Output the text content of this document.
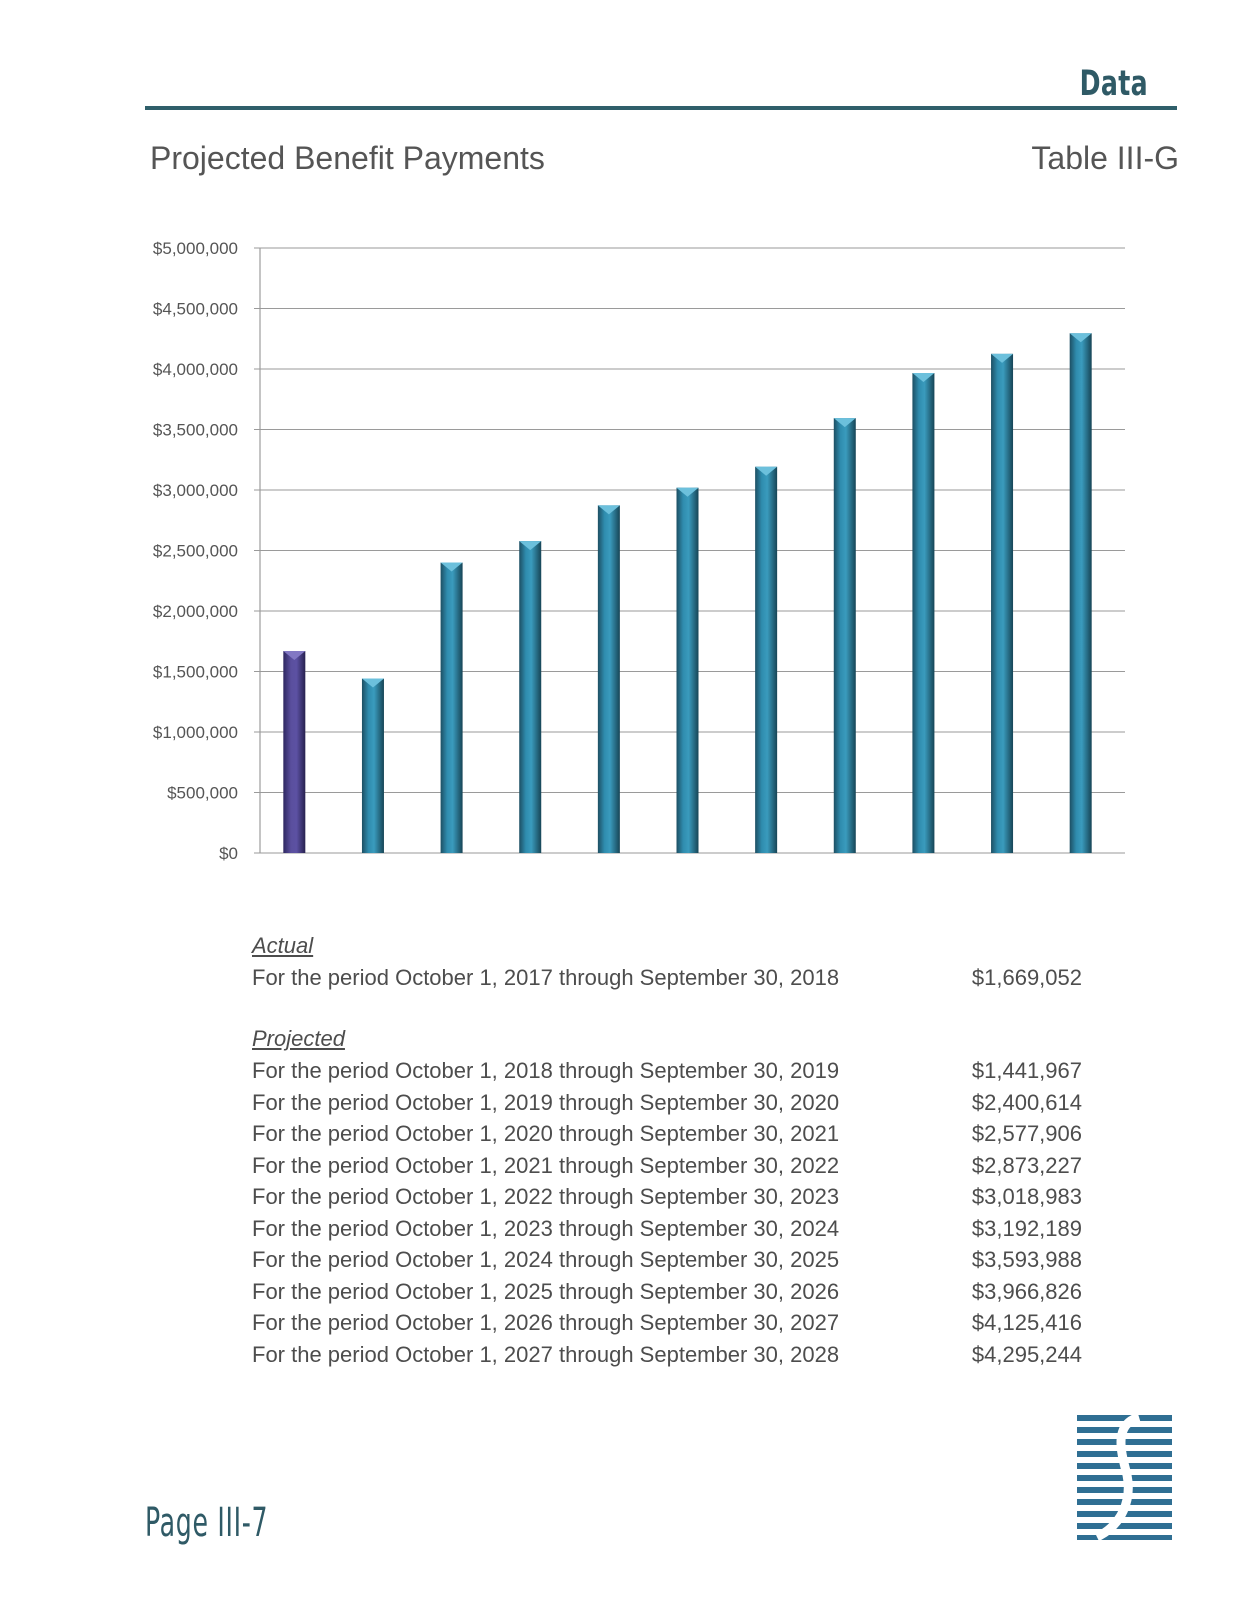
Data
Projected Benefit Payments	Table III-G
$0
$500,000
$1,000,000
$1,500,000
$2,000,000
$2,500,000
$3,000,000
$3,500,000
$4,000,000
$4,500,000
$5,000,000
Actual
For the period October 1, 2017 through September 30, 2018	$1,669,052
Projected
For the period October 1, 2018 through September 30, 2019	$1,441,967
For the period October 1, 2019 through September 30, 2020	$2,400,614
For the period October 1, 2020 through September 30, 2021	$2,577,906
For the period October 1, 2021 through September 30, 2022	$2,873,227
For the period October 1, 2022 through September 30, 2023	$3,018,983
For the period October 1, 2023 through September 30, 2024	$3,192,189
For the period October 1, 2024 through September 30, 2025	$3,593,988
For the period October 1, 2025 through September 30, 2026	$3,966,826
For the period October 1, 2026 through September 30, 2027	$4,125,416
For the period October 1, 2027 through September 30, 2028	$4,295,244
Page III-7
